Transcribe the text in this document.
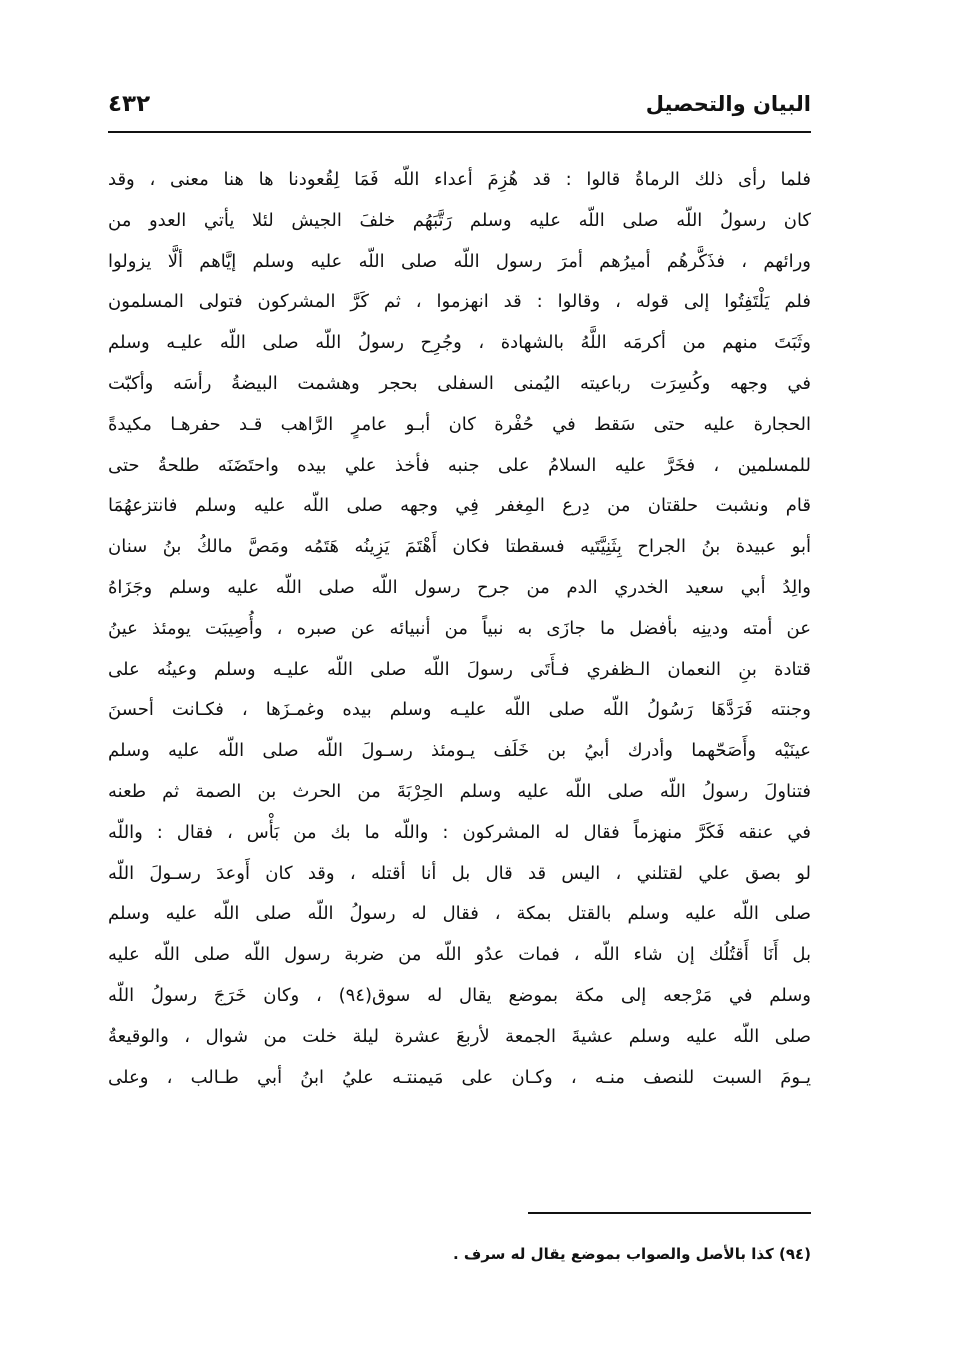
البيان والتحصيل
٤٣٢
فلما رأى ذلك الرماةُ قالوا : قد هُزِمَ أعداء اللّه فَمَا لِقُعودنا ها هنا معنى ، وقد
كان رسولُ اللّه صلى اللّه عليه وسلم رَتَّبَهُم خلفَ الجيش لئلا يأتي العدو من
ورائهم ، فذَكَّرهُم أميرُهم أمرَ رسول اللّه صلى اللّه عليه وسلم إيَّاهم ألَّا يزولوا
فلم يَلْتَفِتُوا إلى قوله ، وقالوا : قد انهزموا ، ثم كَرَّ المشركون فتولى المسلمون
وثَبَتَ منهم من أكرمَه اللَّهُ بالشهادة ، وجُرِح رسولُ اللّه صلى اللّه عليـه وسلم
في وجهه وكُسِرَت رباعيته اليُمنى السفلى بحجر وهشمت البيضةُ رأسَه وأكبّت
الحجارة عليه حتى سَقط في حُفْرة كان أبـو عامرٍ الرَّاهب قـد حفرهـا مكيدةً
للمسلمين ، فخَرَّ عليه السلامُ على جنبه فأخذ علي بيده واحتَضَنَه طلحةُ حتى
قام ونشبت حلقتان من دِرع المِغفر فِي وجهه صلى اللّه عليه وسلم فانتزعهُمَا
أبو عبيدة بنُ الجراح بِثَنِيَّتَيه فسقطتا فكان أَهْتَمَ يَزِينُه هَتَمُه ومَصَّ مالكُ بنُ سنان
والِدُ أبي سعيد الخدري الدم من جرح رسول اللّه صلى اللّه عليه وسلم وجَزَاهُ
عن أمته ودينِه بأفضل ما جازَى به نبياً من أنبيائه عن صبره ، وأُصِيبَت يومئذ عينُ
قتادة بنِ النعمان الـظفري فـأَتَى رسولَ اللّه صلى اللّه عليـه وسلم وعينُه على
وجنته فَرَدَّهَا رَسُولُ اللّه صلى اللّه عليـه وسلم بيده وغمـزَها ، فكـانت أحسنَ
عينَيْه وأَصَحّهما وأدرك أبيُ بن خَلَف يـومئذ رسـولَ اللّه صلى اللّه عليه وسلم
فتناولَ رسولُ اللّه صلى اللّه عليه وسلم الحِرْبَةَ من الحرث بن الصمة ثم طعنه
في عنقه فَكَرَّ منهزماً فقال له المشركون : واللّه ما بك من بَأْس ، فقال : واللّه
لو بصق علي لقتلني ، اليس قد قال بل أنا أقتله ، وقد كان أَوعدَ رسـولَ اللّه
صلى اللّه عليه وسلم بالقتل بمكة ، فقال له رسولُ اللّه صلى اللّه عليه وسلم
بل أَنَا أَقتُلُك إن شاء اللّه ، فمات عدُو اللّه من ضربة رسول اللّه صلى اللّه عليه
وسلم في مَرْجعه إلى مكة بموضع يقال له سوق(٩٤) ، وكان خَرَجَ رسولُ اللّه
صلى اللّه عليه وسلم عشيةَ الجمعة لأربعَ عشرة ليلة خلت من شوال ، والوقيعةُ
يـومَ السبت للنصف منـه ، وكـان على مَيمنتـه عليُ ابنُ أبي طـالب ، وعلى
(٩٤) كذا بالأصل والصواب بموضع يقال له سرف .
